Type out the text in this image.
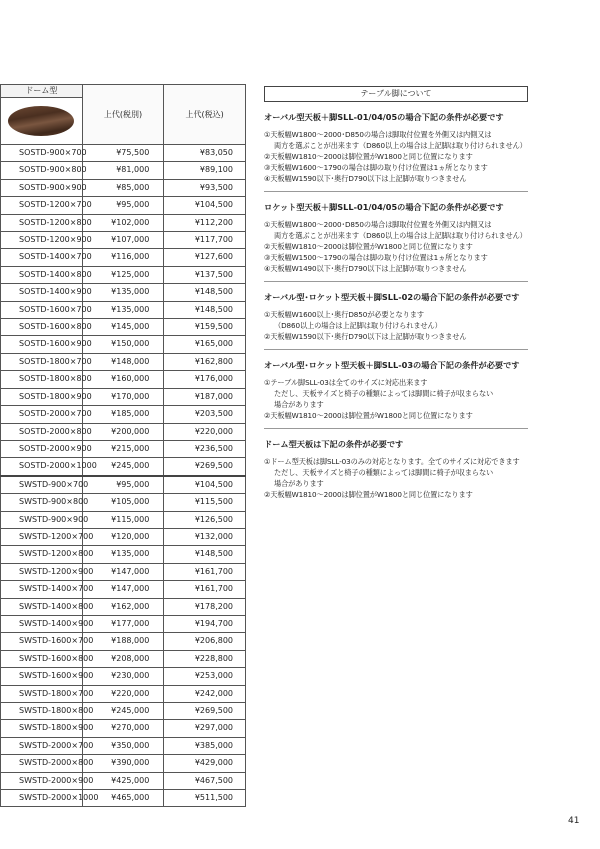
ドーム型	上代(税別)	上代(税込)

SOSTD-900×700	¥75,500	¥83,050
SOSTD-900×800	¥81,000	¥89,100
SOSTD-900×900	¥85,000	¥93,500
SOSTD-1200×700	¥95,000	¥104,500
SOSTD-1200×800	¥102,000	¥112,200
SOSTD-1200×900	¥107,000	¥117,700
SOSTD-1400×700	¥116,000	¥127,600
SOSTD-1400×800	¥125,000	¥137,500
SOSTD-1400×900	¥135,000	¥148,500
SOSTD-1600×700	¥135,000	¥148,500
SOSTD-1600×800	¥145,000	¥159,500
SOSTD-1600×900	¥150,000	¥165,000
SOSTD-1800×700	¥148,000	¥162,800
SOSTD-1800×800	¥160,000	¥176,000
SOSTD-1800×900	¥170,000	¥187,000
SOSTD-2000×700	¥185,000	¥203,500
SOSTD-2000×800	¥200,000	¥220,000
SOSTD-2000×900	¥215,000	¥236,500
SOSTD-2000×1000	¥245,000	¥269,500
SWSTD-900×700	¥95,000	¥104,500
SWSTD-900×800	¥105,000	¥115,500
SWSTD-900×900	¥115,000	¥126,500
SWSTD-1200×700	¥120,000	¥132,000
SWSTD-1200×800	¥135,000	¥148,500
SWSTD-1200×900	¥147,000	¥161,700
SWSTD-1400×700	¥147,000	¥161,700
SWSTD-1400×800	¥162,000	¥178,200
SWSTD-1400×900	¥177,000	¥194,700
SWSTD-1600×700	¥188,000	¥206,800
SWSTD-1600×800	¥208,000	¥228,800
SWSTD-1600×900	¥230,000	¥253,000
SWSTD-1800×700	¥220,000	¥242,000
SWSTD-1800×800	¥245,000	¥269,500
SWSTD-1800×900	¥270,000	¥297,000
SWSTD-2000×700	¥350,000	¥385,000
SWSTD-2000×800	¥390,000	¥429,000
SWSTD-2000×900	¥425,000	¥467,500
SWSTD-2000×1000	¥465,000	¥511,500
テーブル脚について
オーバル型天板＋脚SLL-01/04/05の場合下記の条件が必要です

①天板幅W1800～2000･D850の場合は脚取付位置を外側又は内側又は

両方を選ぶことが出来ます（D860以上の場合は上記脚は取り付けられません）

②天板幅W1810～2000は脚位置がW1800と同じ位置になります

③天板幅W1600～1790の場合は脚の取り付け位置は1ヵ所となります

④天板幅W1590以下･奥行D790以下は上記脚が取りつきません

ロケット型天板＋脚SLL-01/04/05の場合下記の条件が必要です

①天板幅W1800～2000･D850の場合は脚取付位置を外側又は内側又は

両方を選ぶことが出来ます（D860以上の場合は上記脚は取り付けられません）

②天板幅W1810～2000は脚位置がW1800と同じ位置になります

③天板幅W1500～1790の場合は脚の取り付け位置は1ヵ所となります

④天板幅W1490以下･奥行D790以下は上記脚が取りつきません

オーバル型･ロケット型天板＋脚SLL-02の場合下記の条件が必要です

①天板幅W1600以上･奥行D850が必要となります

（D860以上の場合は上記脚は取り付けられません）

②天板幅W1590以下･奥行D790以下は上記脚が取りつきません

オーバル型･ロケット型天板＋脚SLL-03の場合下記の条件が必要です

①テーブル脚SLL-03は全てのサイズに対応出来ます

ただし、天板サイズと椅子の種類によっては脚間に椅子が収まらない

場合があります

②天板幅W1810～2000は脚位置がW1800と同じ位置になります

ドーム型天板は下記の条件が必要です

①ドーム型天板は脚SLL-03のみの対応となります。全てのサイズに対応できます

ただし、天板サイズと椅子の種類によっては脚間に椅子が収まらない

場合があります

②天板幅W1810～2000は脚位置がW1800と同じ位置になります

41
